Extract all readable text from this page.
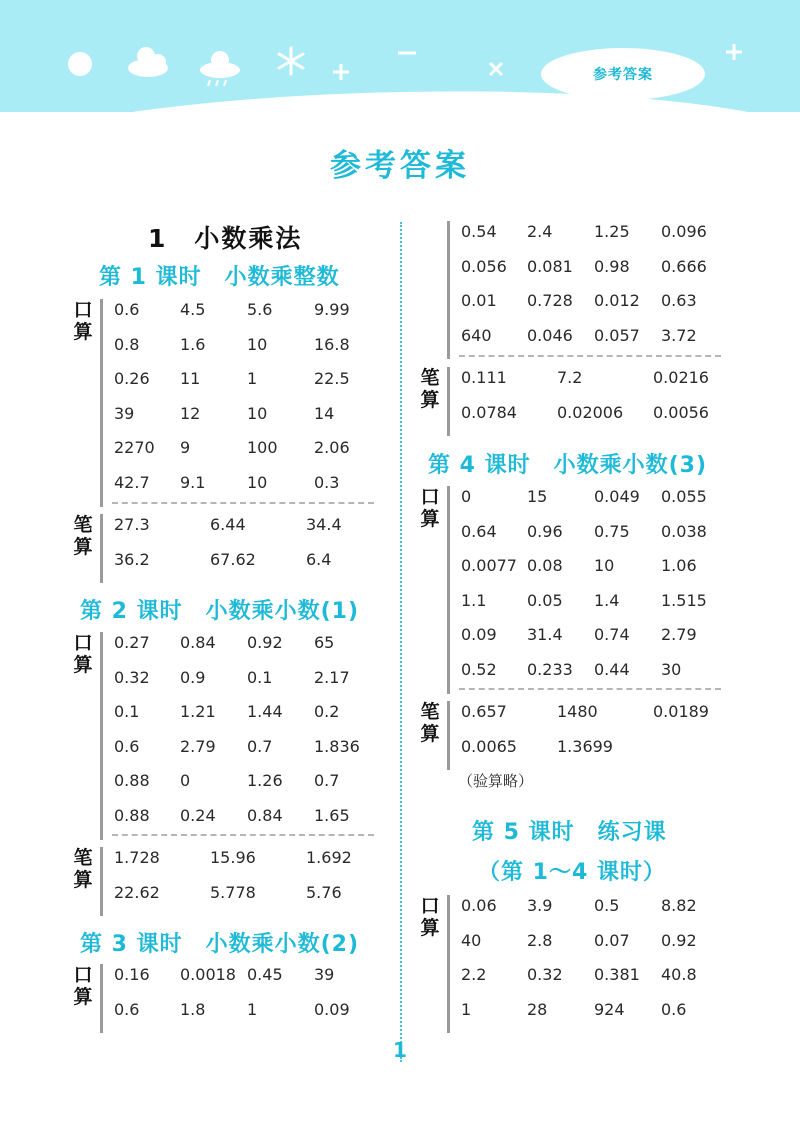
参考答案
参考答案
1　小数乘法
第 1 课时　小数乘整数
第 2 课时　小数乘小数(1)
第 3 课时　小数乘小数(2)
第 4 课时　小数乘小数(3)
第 5 课时　练习课
（第 1～4 课时）
口算
0.6	4.5	5.6	9.99
0.8	1.6	10	16.8
0.26 11	1	22.5
39	12	10	14
2270 9	100 2.06
42.7 9.1	10	0.3
笔算
27.3	6.44	34.4
36.2	67.62	6.4
口算
0.27 0.84 0.92 65
0.32 0.9	0.1	2.17
0.1	1.21 1.44 0.2
0.6	2.79 0.7	1.836
0.88 0	1.26 0.7
0.88 0.24 0.84 1.65
笔算
1.728	15.96	1.692
22.62	5.778	5.76
口算
0.16 0.0018 0.45 39
0.6	1.8	1	0.09
0.54 2.4	1.25 0.096
0.056 0.081 0.98 0.666
0.01 0.728 0.012 0.63
640 0.046 0.057 3.72
笔算
0.111	7.2	0.0216
0.0784	0.02006 0.0056
口算
0	15	0.049 0.055
0.64 0.96 0.75 0.038
0.0077 0.08 10	1.06
1.1	0.05 1.4	1.515
0.09 31.4 0.74 2.79
0.52 0.233 0.44 30
笔算
0.657	1480	0.0189
0.0065	1.3699
口算
0.06 3.9	0.5	8.82
40	2.8	0.07 0.92
2.2	0.32 0.381 40.8
1	28	924 0.6
（验算略）
1
